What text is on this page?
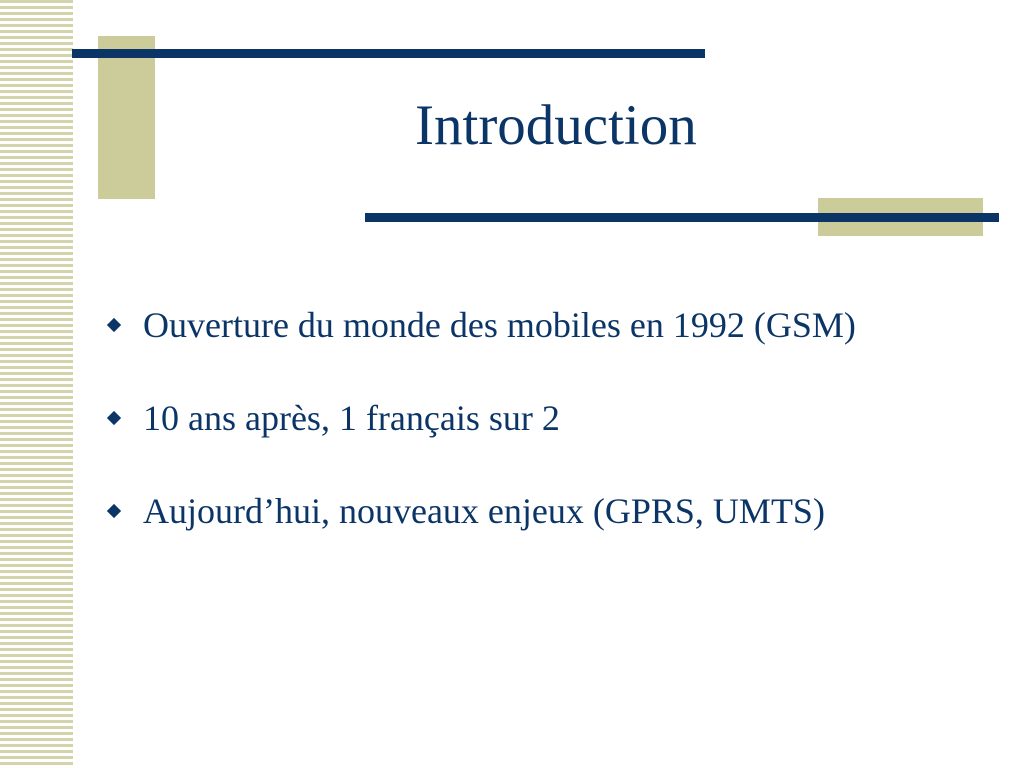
Introduction
Ouverture du monde des mobiles en 1992 (GSM)
10 ans après, 1 français sur 2
Aujourd’hui, nouveaux enjeux (GPRS, UMTS)
